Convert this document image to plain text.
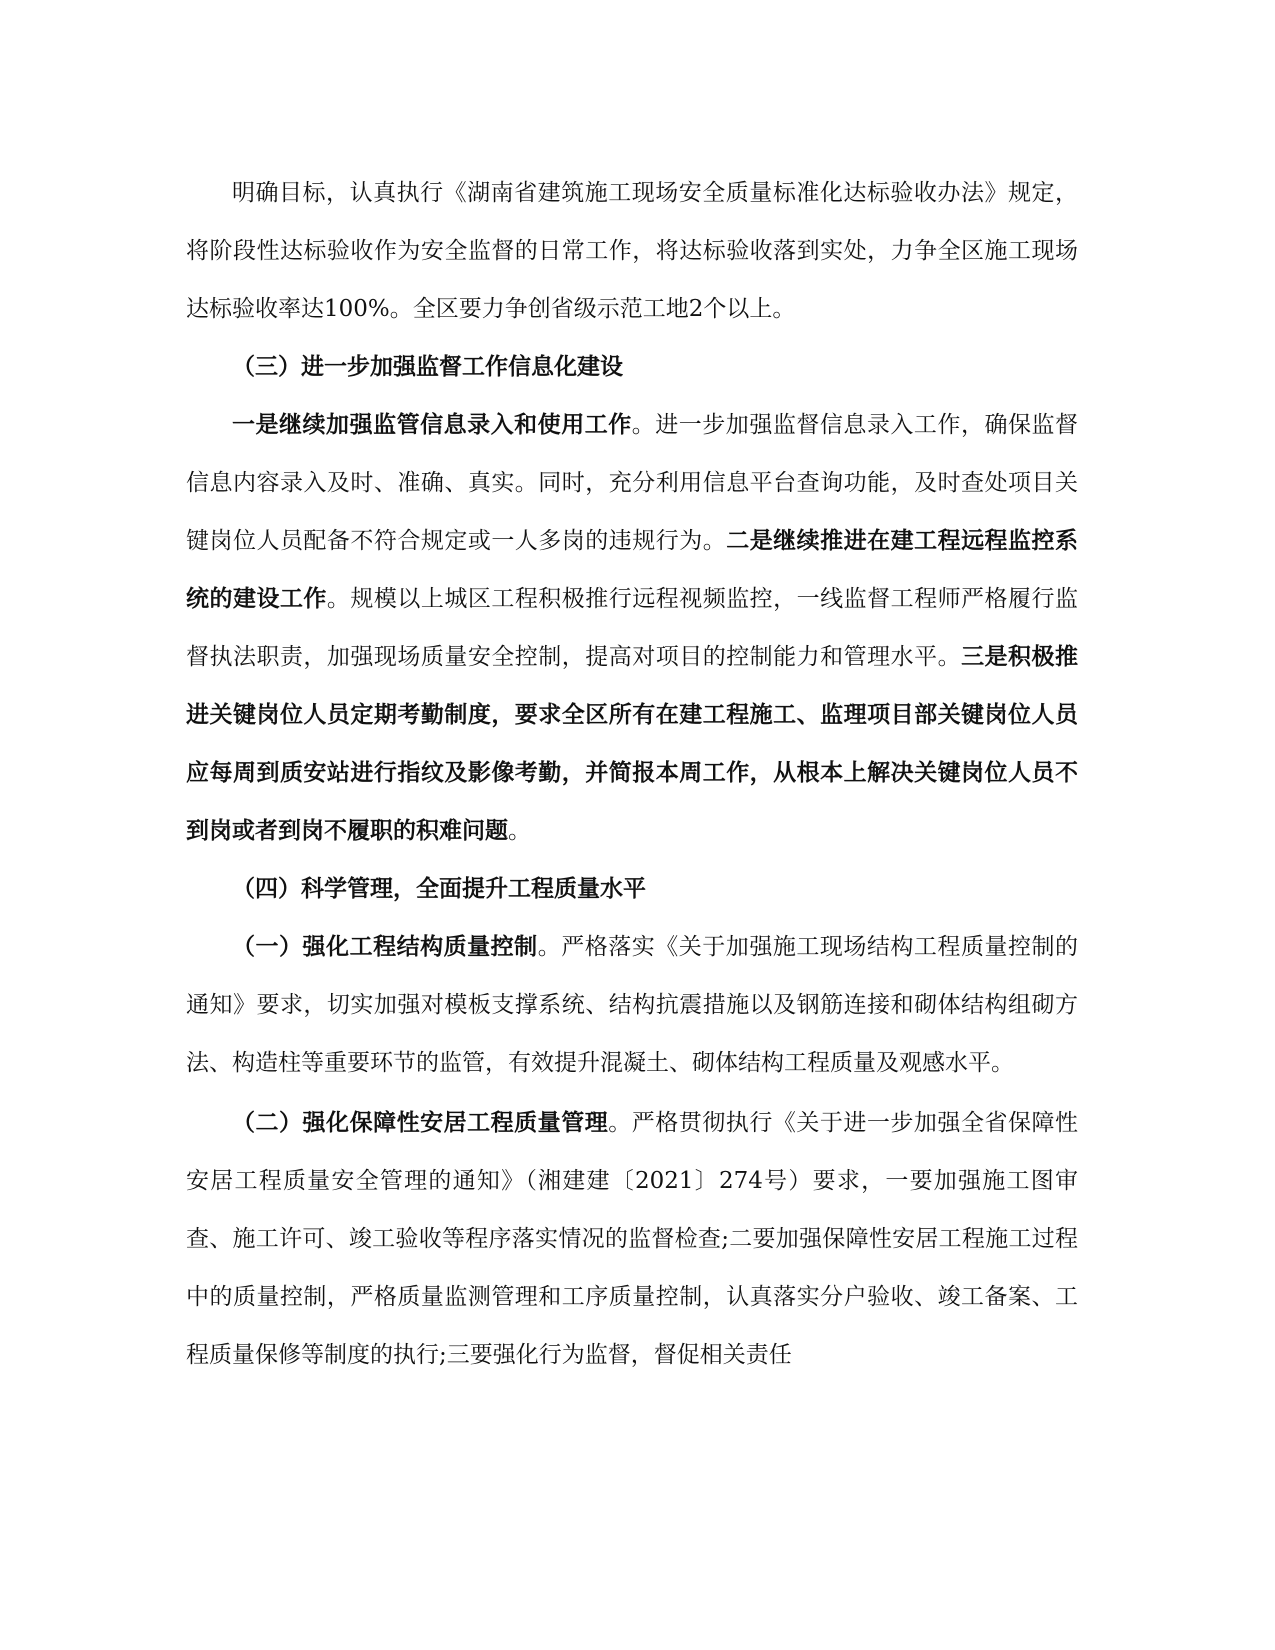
明确目标，认真执行《湖南省建筑施工现场安全质量标准化达标验收办法》规定，将阶段性达标验收作为安全监督的日常工作，将达标验收落到实处，力争全区施工现场达标验收率达100%。全区要力争创省级示范工地2个以上。

（三）进一步加强监督工作信息化建设

一是继续加强监管信息录入和使用工作。进一步加强监督信息录入工作，确保监督信息内容录入及时、准确、真实。同时，充分利用信息平台查询功能，及时查处项目关键岗位人员配备不符合规定或一人多岗的违规行为。二是继续推进在建工程远程监控系统的建设工作。规模以上城区工程积极推行远程视频监控，一线监督工程师严格履行监督执法职责，加强现场质量安全控制，提高对项目的控制能力和管理水平。三是积极推进关键岗位人员定期考勤制度，要求全区所有在建工程施工、监理项目部关键岗位人员应每周到质安站进行指纹及影像考勤，并简报本周工作，从根本上解决关键岗位人员不到岗或者到岗不履职的积难问题。

（四）科学管理，全面提升工程质量水平

（一）强化工程结构质量控制。严格落实《关于加强施工现场结构工程质量控制的通知》要求，切实加强对模板支撑系统、结构抗震措施以及钢筋连接和砌体结构组砌方法、构造柱等重要环节的监管，有效提升混凝土、砌体结构工程质量及观感水平。

（二）强化保障性安居工程质量管理。严格贯彻执行《关于进一步加强全省保障性安居工程质量安全管理的通知》（湘建建〔2021〕274号）要求，一要加强施工图审查、施工许可、竣工验收等程序落实情况的监督检查;二要加强保障性安居工程施工过程中的质量控制，严格质量监测管理和工序质量控制，认真落实分户验收、竣工备案、工程质量保修等制度的执行;三要强化行为监督，督促相关责任
